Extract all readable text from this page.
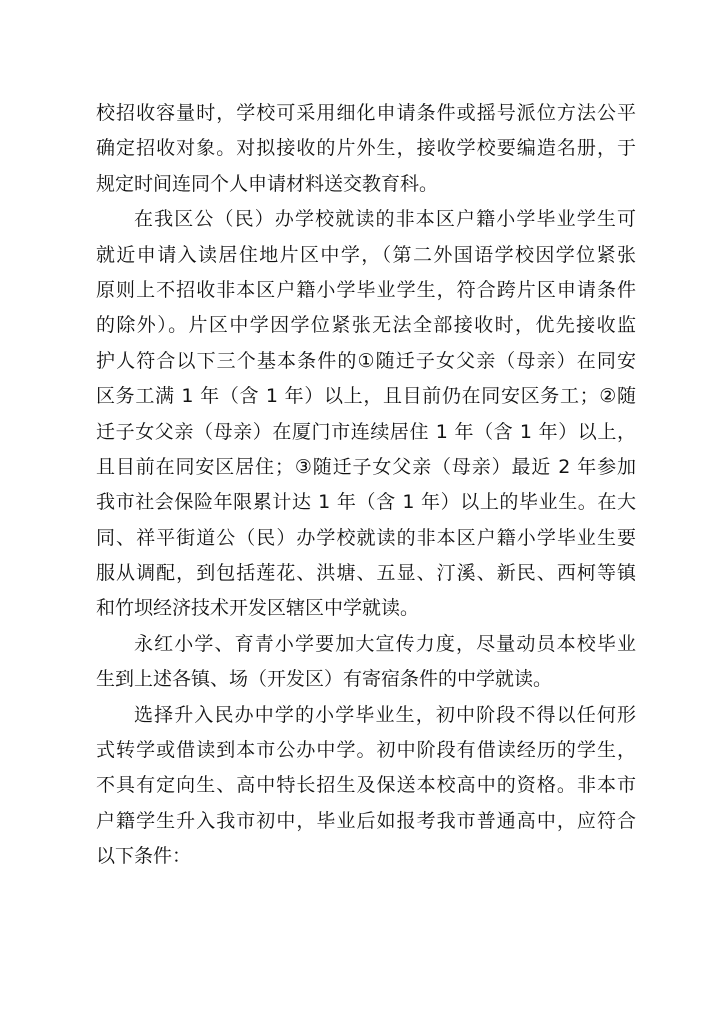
校招收容量时，学校可采用细化申请条件或摇号派位方法公平
确定招收对象。对拟接收的片外生，接收学校要编造名册，于
规定时间连同个人申请材料送交教育科。
在我区公（民）办学校就读的非本区户籍小学毕业学生可
就近申请入读居住地片区中学，（第二外国语学校因学位紧张
原则上不招收非本区户籍小学毕业学生，符合跨片区申请条件
的除外）。片区中学因学位紧张无法全部接收时，优先接收监
护人符合以下三个基本条件的①随迁子女父亲（母亲）在同安
区务工满 1 年（含 1 年）以上，且目前仍在同安区务工；②随
迁子女父亲（母亲）在厦门市连续居住 1 年（含 1 年）以上，
且目前在同安区居住；③随迁子女父亲（母亲）最近 2 年参加
我市社会保险年限累计达 1 年（含 1 年）以上的毕业生。在大
同、祥平街道公（民）办学校就读的非本区户籍小学毕业生要
服从调配，到包括莲花、洪塘、五显、汀溪、新民、西柯等镇
和竹坝经济技术开发区辖区中学就读。
永红小学、育青小学要加大宣传力度，尽量动员本校毕业
生到上述各镇、场（开发区）有寄宿条件的中学就读。
选择升入民办中学的小学毕业生，初中阶段不得以任何形
式转学或借读到本市公办中学。初中阶段有借读经历的学生，
不具有定向生、高中特长招生及保送本校高中的资格。非本市
户籍学生升入我市初中，毕业后如报考我市普通高中，应符合
以下条件：
